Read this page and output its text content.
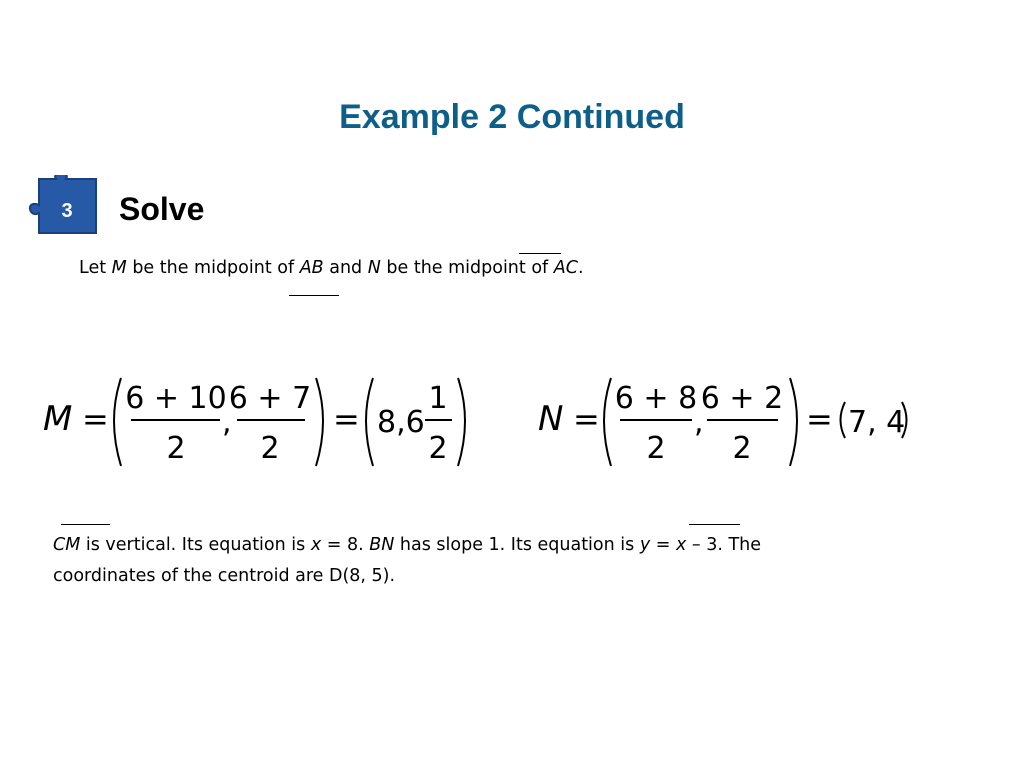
Example 2 Continued
3 Solve
Let M be the midpoint of AB and N be the midpoint of AC.
M =
6 + 10
2
,
6 + 7
2
= 8,6
1
2
N =
6 + 8
2
,
6 + 2
2
= 7, 4
CM is vertical. Its equation is x = 8. BN has slope 1. Its equation is y = x – 3. The
coordinates of the centroid are D(8, 5).
